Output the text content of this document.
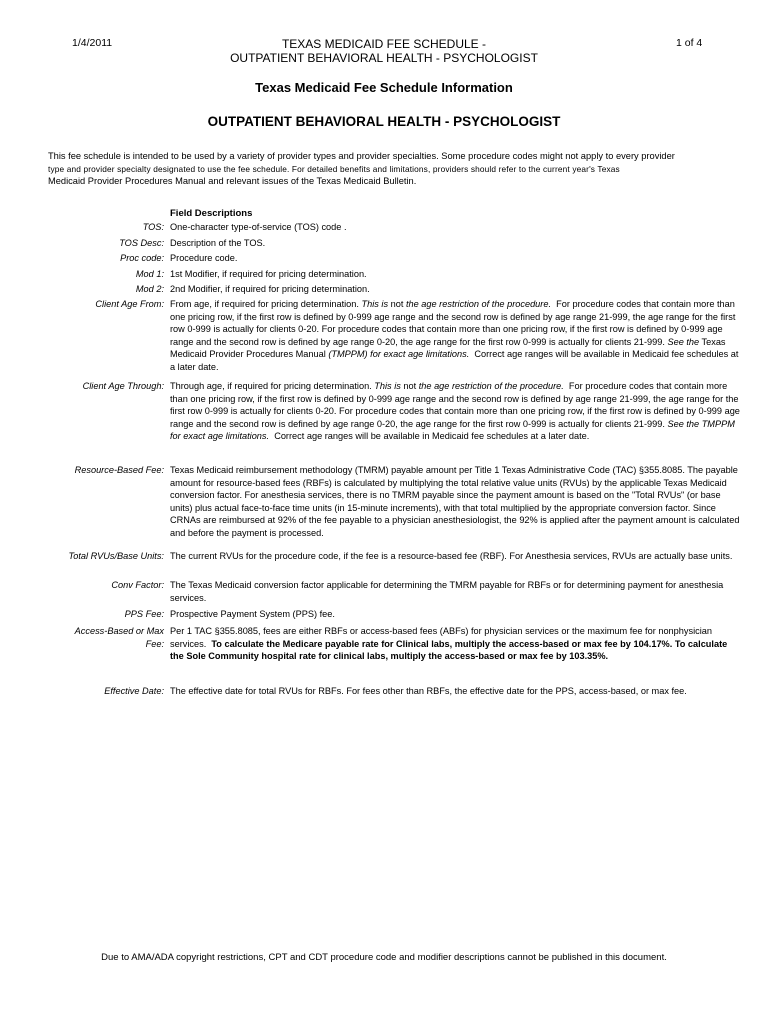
1/4/2011	TEXAS MEDICAID FEE SCHEDULE -
OUTPATIENT BEHAVIORAL HEALTH - PSYCHOLOGIST
1 of 4
Texas Medicaid Fee Schedule Information
OUTPATIENT BEHAVIORAL HEALTH - PSYCHOLOGIST
This fee schedule is intended to be used by a variety of provider types and provider specialties. Some procedure codes might not apply to every provider
type and provider specialty designated to use the fee schedule. For detailed benefits and limitations, providers should refer to the current year's Texas
Medicaid Provider Procedures Manual and relevant issues of the Texas Medicaid Bulletin.
Field Descriptions
TOS: One-character type-of-service (TOS) code .
TOS Desc: Description of the TOS.
Proc code: Procedure code.
Mod 1: 1st Modifier, if required for pricing determination.
Mod 2: 2nd Modifier, if required for pricing determination.
Client Age From: From age, if required for pricing determination. This is not the age restriction of the procedure. For procedure codes that contain more than one pricing row, if the first row is defined by 0-999 age range and the second row is defined by age range 21-999, the age range for the first row 0-999 is actually for clients 0-20. For procedure codes that contain more than one pricing row, if the first row is defined by 0-999 age range and the second row is defined by age range 0-20, the age range for the first row 0-999 is actually for clients 21-999. See the Texas Medicaid Provider Procedures Manual (TMPPM) for exact age limitations. Correct age ranges will be available in Medicaid fee schedules at a later date.
Client Age Through: Through age, if required for pricing determination. This is not the age restriction of the procedure. For procedure codes that contain more than one pricing row, if the first row is defined by 0-999 age range and the second row is defined by age range 21-999, the age range for the first row 0-999 is actually for clients 0-20. For procedure codes that contain more than one pricing row, if the first row is defined by 0-999 age range and the second row is defined by age range 0-20, the age range for the first row 0-999 is actually for clients 21-999. See the TMPPM for exact age limitations. Correct age ranges will be available in Medicaid fee schedules at a later date.
Resource-Based Fee: Texas Medicaid reimbursement methodology (TMRM) payable amount per Title 1 Texas Administrative Code (TAC) §355.8085. The payable amount for resource-based fees (RBFs) is calculated by multiplying the total relative value units (RVUs) by the applicable Texas Medicaid conversion factor. For anesthesia services, there is no TMRM payable since the payment amount is based on the "Total RVUs" (or base units) plus actual face-to-face time units (in 15-minute increments), with that total multiplied by the appropriate conversion factor. Since CRNAs are reimbursed at 92% of the fee payable to a physician anesthesiologist, the 92% is applied after the payment amount is calculated and before the payment is processed.
Total RVUs/Base Units: The current RVUs for the procedure code, if the fee is a resource-based fee (RBF). For Anesthesia services, RVUs are actually base units.
Conv Factor: The Texas Medicaid conversion factor applicable for determining the TMRM payable for RBFs or for determining payment for anesthesia services.
PPS Fee: Prospective Payment System (PPS) fee.
Access-Based or Max
Fee:
Per 1 TAC §355.8085, fees are either RBFs or access-based fees (ABFs) for physician services or the maximum fee for nonphysician services. To calculate the Medicare payable rate for Clinical labs, multiply the access-based or max fee by 104.17%. To calculate the Sole Community hospital rate for clinical labs, multiply the access-based or max fee by 103.35%.
Effective Date: The effective date for total RVUs for RBFs. For fees other than RBFs, the effective date for the PPS, access-based, or max fee.
Due to AMA/ADA copyright restrictions, CPT and CDT procedure code and modifier descriptions cannot be published in this document.
